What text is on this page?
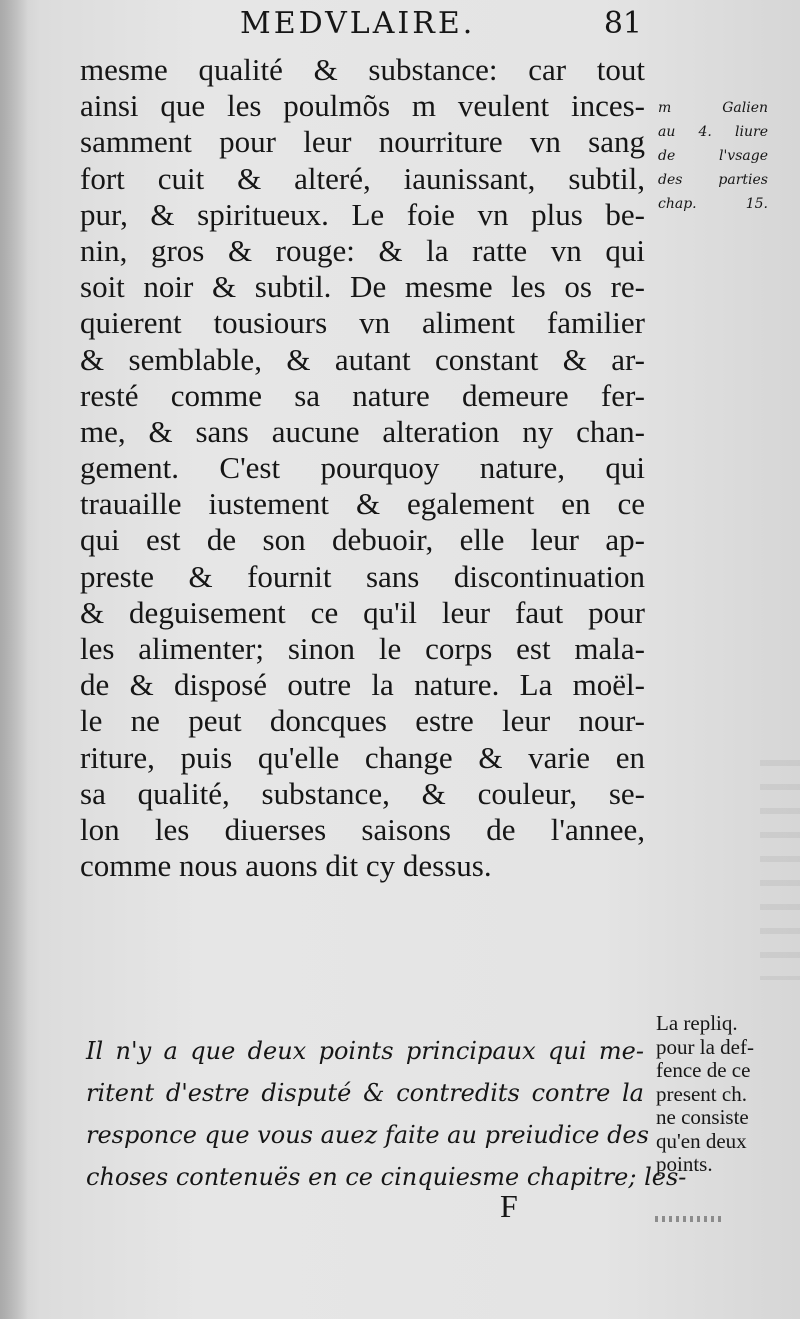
MEDVLAIRE.	81
mesme qualité & substance: car tout
ainsi que les poulmõs m veulent inces-
samment pour leur nourriture vn sang
fort cuit & alteré, iaunissant, subtil,
pur, & spiritueux. Le foie vn plus be-
nin, gros & rouge: & la ratte vn qui
soit noir & subtil. De mesme les os re-
quierent tousiours vn aliment familier
& semblable, & autant constant & ar-
resté comme sa nature demeure fer-
me, & sans aucune alteration ny chan-
gement. C'est pourquoy nature, qui
trauaille iustement & egalement en ce
qui est de son debuoir, elle leur ap-
preste & fournit sans discontinuation
& deguisement ce qu'il leur faut pour
les alimenter; sinon le corps est mala-
de & disposé outre la nature. La moël-
le ne peut doncques estre leur nour-
riture, puis qu'elle change & varie en
sa qualité, substance, & couleur, se-
lon les diuerses saisons de l'annee,
comme nous auons dit cy dessus.
m Galien
au 4. liure
de l'vsage
des parties
chap. 15.
Il n'y a que deux points principaux qui me-
ritent d'estre disputé & contredits contre la
responce que vous auez faite au preiudice des
choses contenuës en ce cinquiesme chapitre; les-
La repliq.
pour la def-
fence de ce
present ch.
ne consiste
qu'en deux
points.
F
